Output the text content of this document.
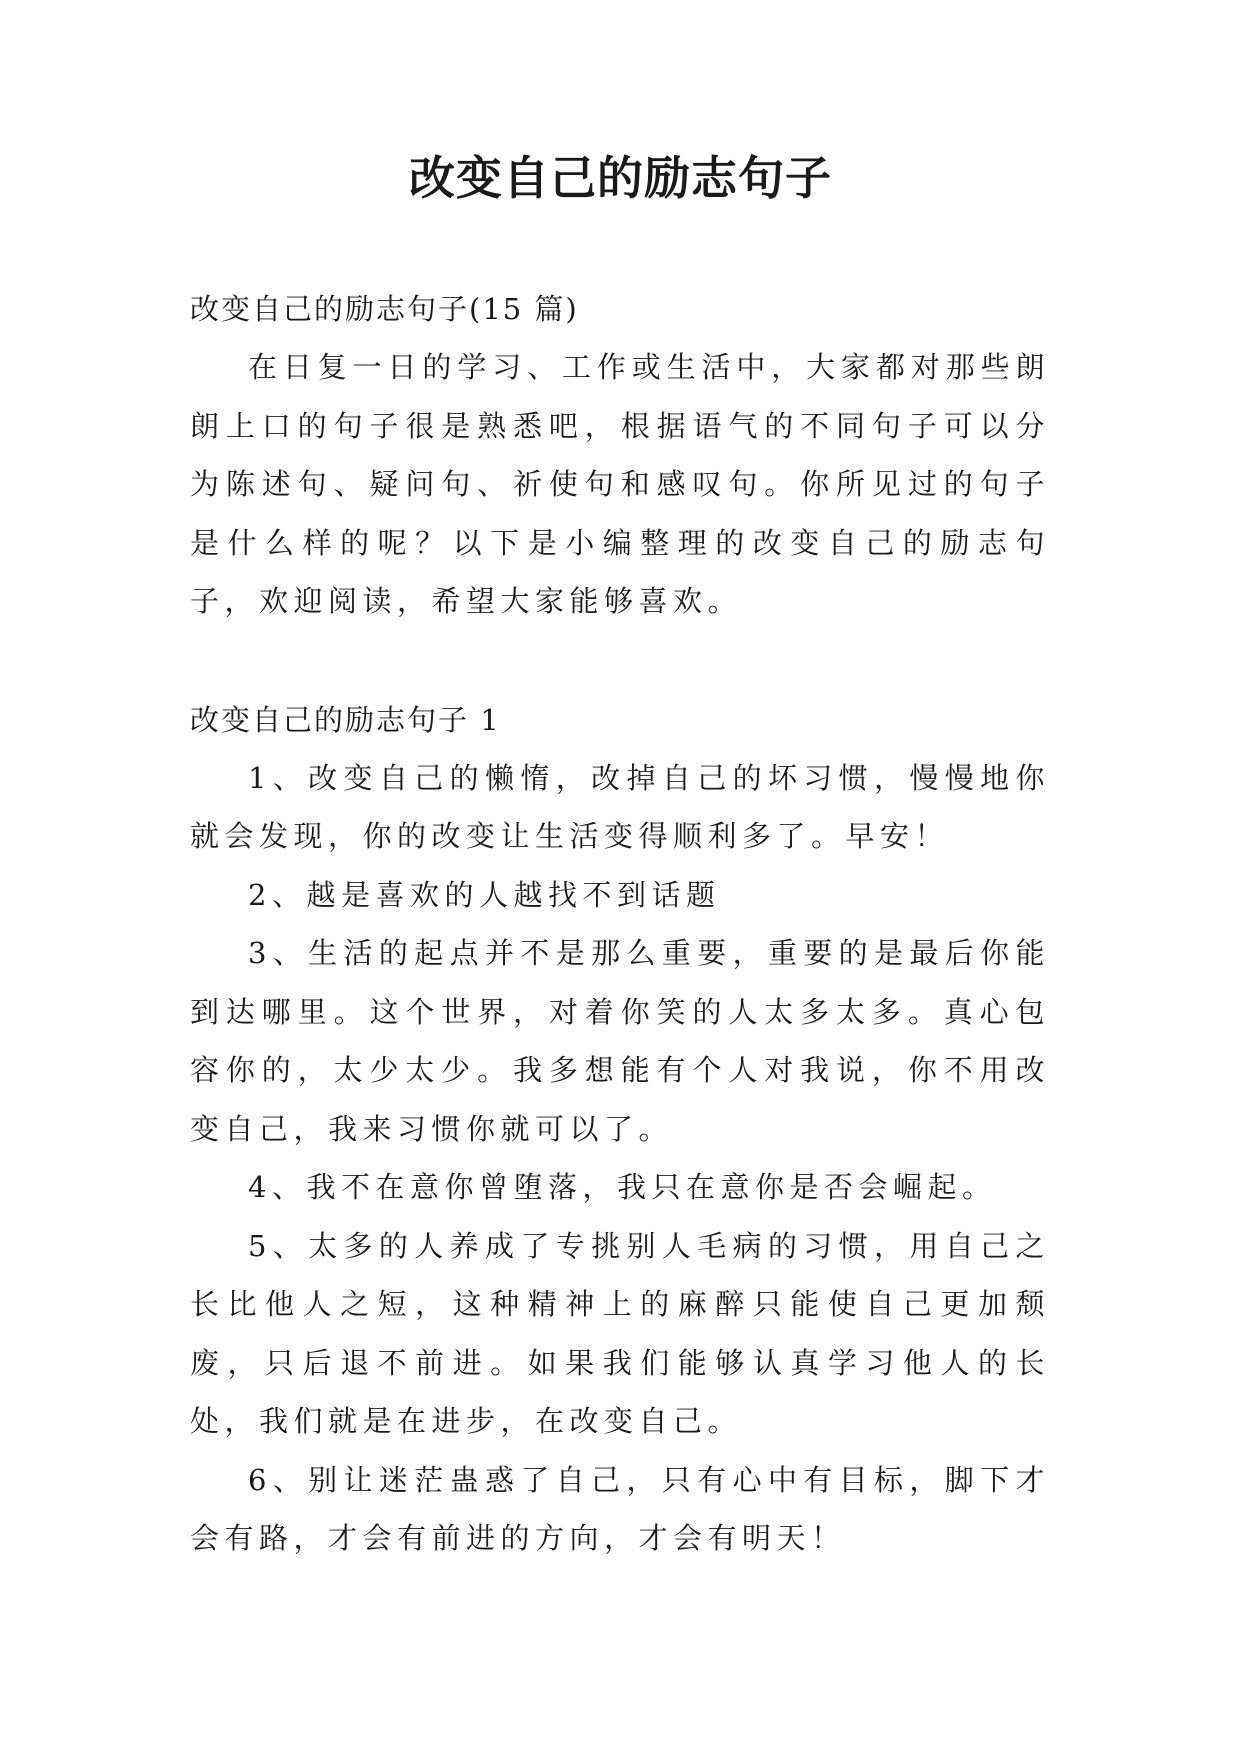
改变自己的励志句子

改变自己的励志句子(15 篇)

在日复一日的学习、工作或生活中，大家都对那些朗朗上口的句子很是熟悉吧，根据语气的不同句子可以分为陈述句、疑问句、祈使句和感叹句。你所见过的句子是什么样的呢？以下是小编整理的改变自己的励志句子，欢迎阅读，希望大家能够喜欢。

改变自己的励志句子 1

1、改变自己的懒惰，改掉自己的坏习惯，慢慢地你就会发现，你的改变让生活变得顺利多了。早安！

2、越是喜欢的人越找不到话题

3、生活的起点并不是那么重要，重要的是最后你能到达哪里。这个世界，对着你笑的人太多太多。真心包容你的，太少太少。我多想能有个人对我说，你不用改变自己，我来习惯你就可以了。

4、我不在意你曾堕落，我只在意你是否会崛起。

5、太多的人养成了专挑别人毛病的习惯，用自己之长比他人之短，这种精神上的麻醉只能使自己更加颓废，只后退不前进。如果我们能够认真学习他人的长处，我们就是在进步，在改变自己。

6、别让迷茫蛊惑了自己，只有心中有目标，脚下才会有路，才会有前进的方向，才会有明天！
